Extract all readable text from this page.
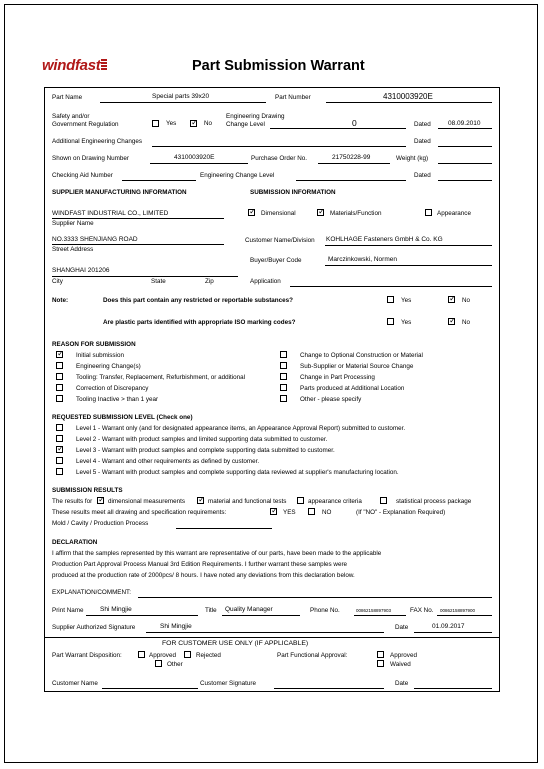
windfast	Part Submission Warrant
Part Name	Special parts 39x20	Part Number	4310003920E
Safety and/or
Government Regulation	Yes ✓ No
Engineering Drawing
Change Level	0	Dated	08.09.2010
Additional Engineering Changes	Dated
Shown on Drawing Number	4310003920E	Purchase Order No.	21750228-99	Weight (kg)
Checking Aid Number	Engineering Change Level	Dated
SUPPLIER MANUFACTURING INFORMATION	SUBMISSION INFORMATION
WINDFAST INDUSTRIAL CO., LIMITED
Supplier Name
✓ Dimensional	✓ Materials/Function	Appearance
NO.3333 SHENJIANG ROAD
Street Address
Customer Name/Division KOHLHAGE Fasteners GmbH & Co. KG
Buyer/Buyer Code	Marczinkowski, Normen
SHANGHAI 201206
City	State	Zip	Application
Note:	Does this part contain any restricted or reportable substances?	Yes	✓ No
Are plastic parts identified with appropriate ISO marking codes?	Yes	✓ No
REASON FOR SUBMISSION
✓ Initial submission
Engineering Change(s)
Tooling: Transfer, Replacement, Refurbishment, or additional
Correction of Discrepancy
Tooling Inactive > than 1 year
Change to Optional Construction or Material
Sub-Supplier or Material Source Change
Change in Part Processing
Parts produced at Additional Location
Other - please specify
REQUESTED SUBMISSION LEVEL (Check one)
Level 1 - Warrant only (and for designated appearance items, an Appearance Approval Report) submitted to customer.
Level 2 - Warrant with product samples and limited supporting data submitted to customer.
✓ Level 3 - Warrant with product samples and complete supporting data submitted to customer.
Level 4 - Warrant and other requirements as defined by customer.
Level 5 - Warrant with product samples and complete supporting data reviewed at supplier's manufacturing location.
SUBMISSION RESULTS
The results for ✓ dimensional measurements ✓ material and functional tests	appearance criteria	statistical process package
These results meet all drawing and specification requirements:	✓ YES	NO	(If "NO" - Explanation Required)
Mold / Cavity / Production Process
DECLARATION
I affirm that the samples represented by this warrant are representative of our parts, have been made to the applicable
Production Part Approval Process Manual 3rd Edition Requirements. I further warrant these samples were
produced at the production rate of 2000pcs/ 8 hours. I have noted any deviations from this declaration below.
EXPLANATION/COMMENT:
Print Name	Shi Mingjie	Title Quality Manager	Phone No.	00862158897903	FAX No. 00862158897900
Supplier Authorized Signature	Shi Mingjie	Date	01.09.2017
FOR CUSTOMER USE ONLY (IF APPLICABLE)
Part Warrant Disposition:	Approved	Rejected
Other
Part Functional Approval:	Approved
Waived
Customer Name	Customer Signature	Date
